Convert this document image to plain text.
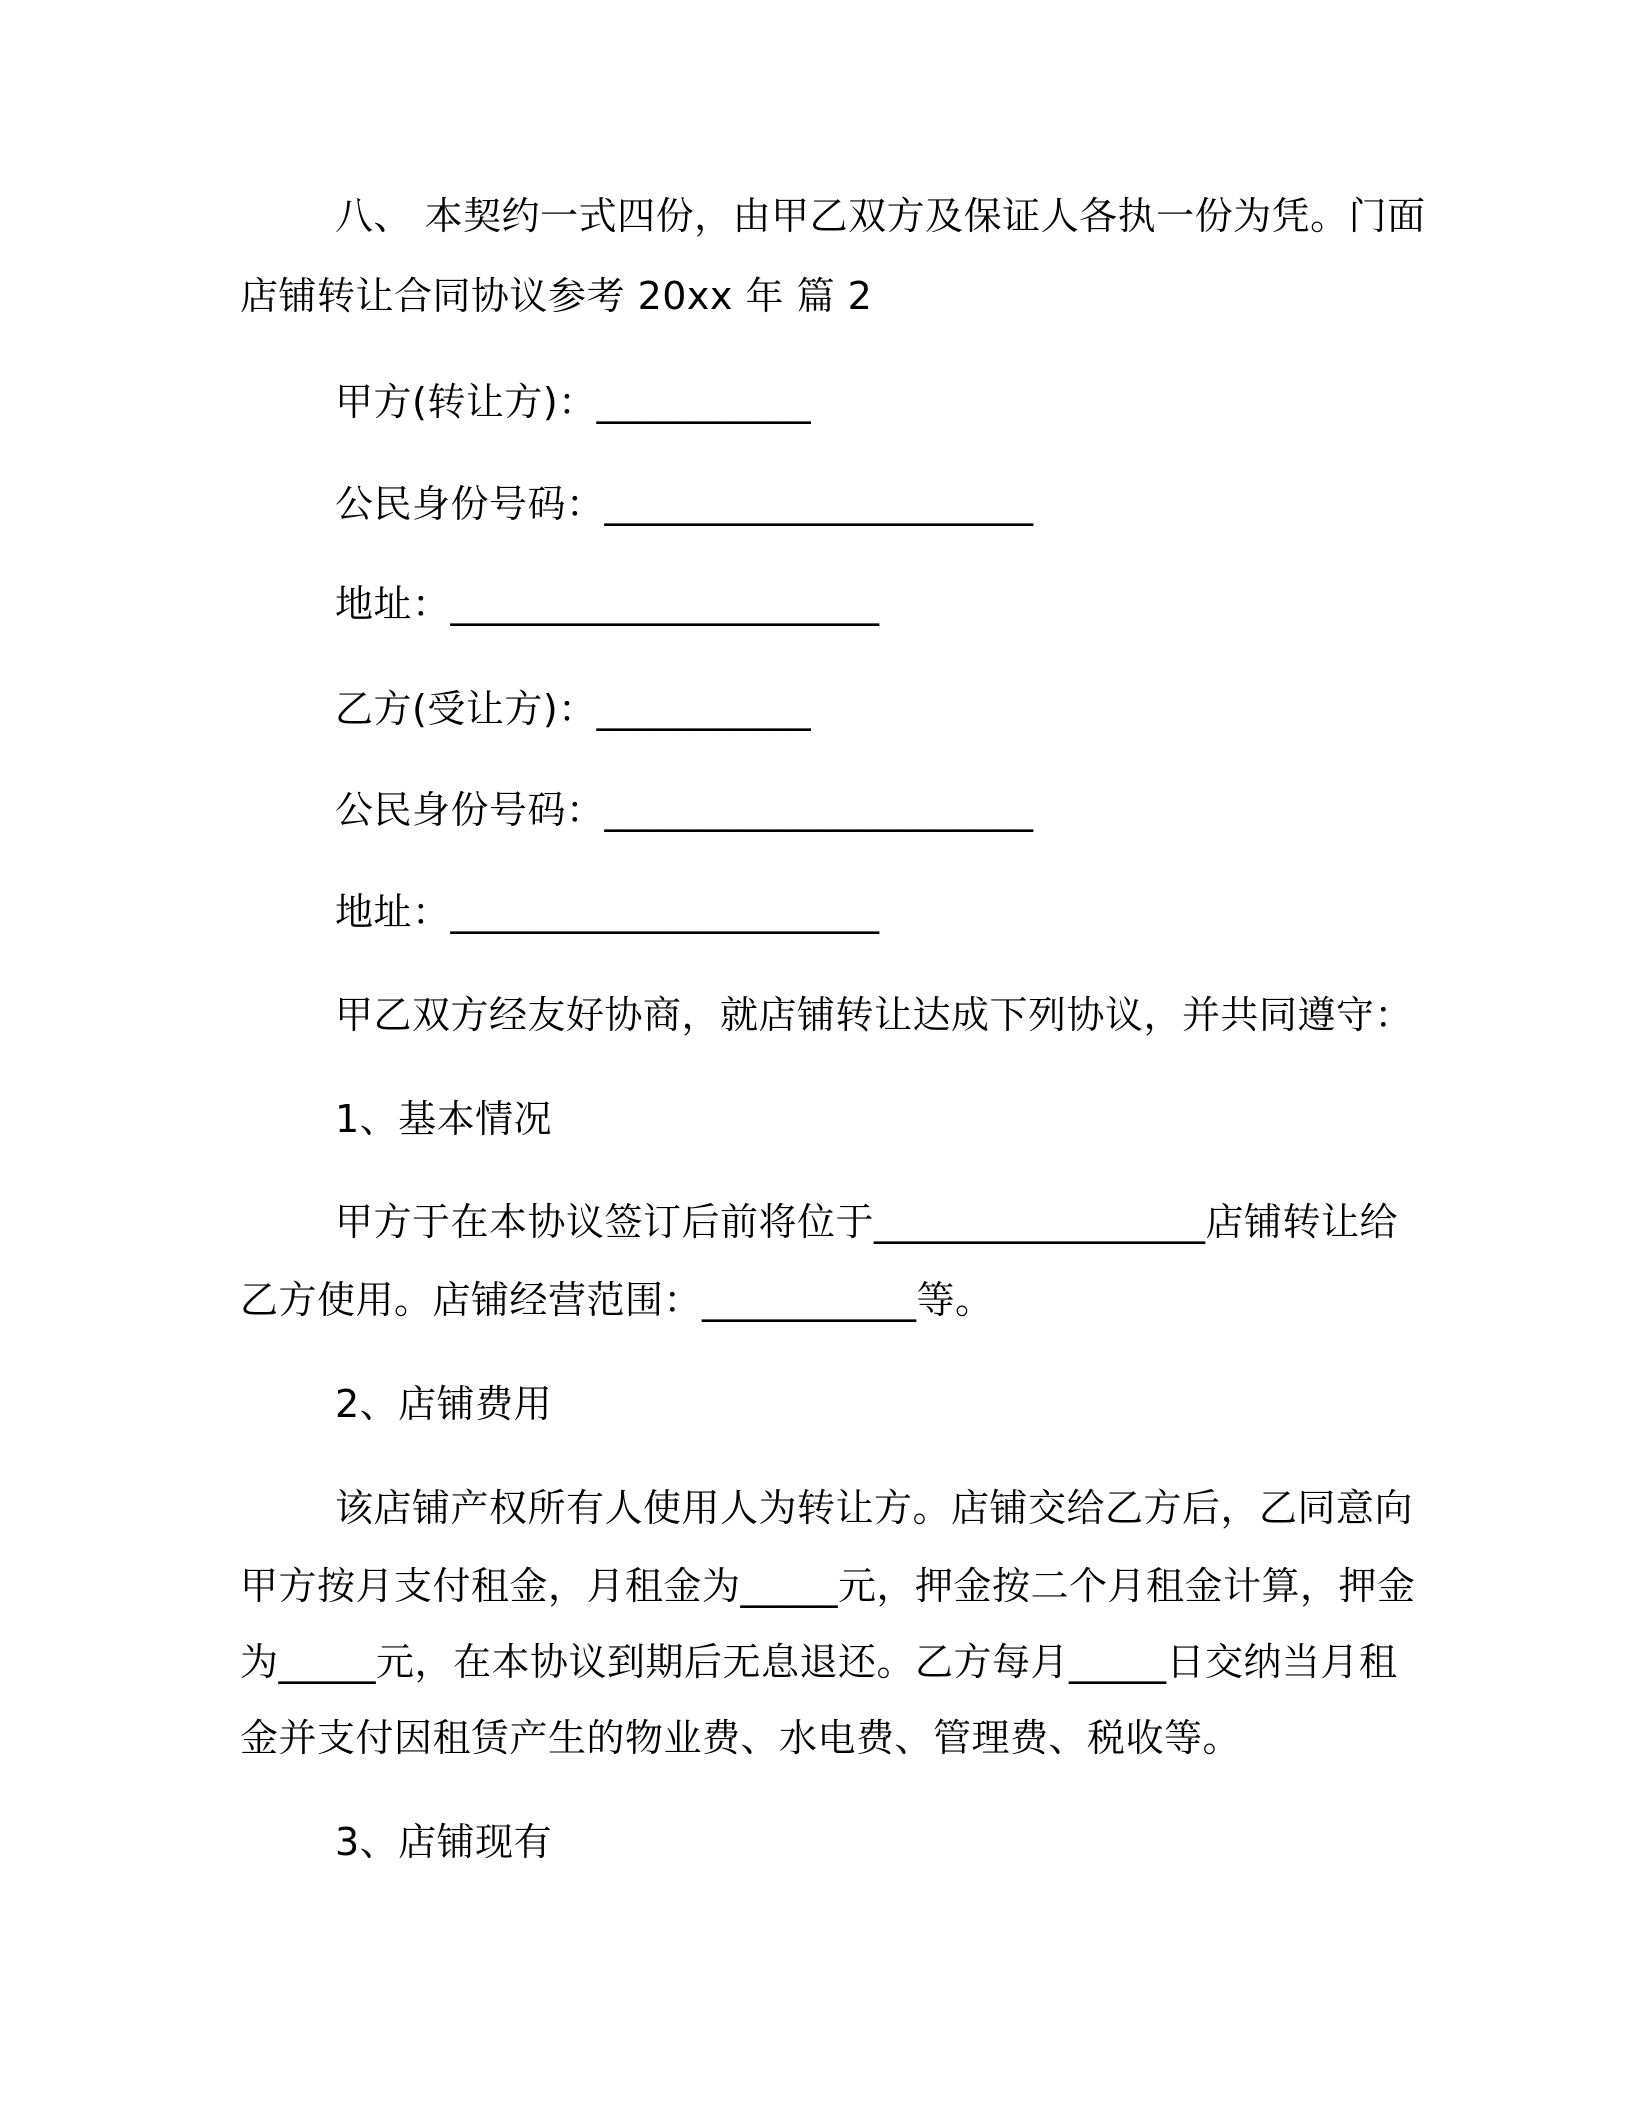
八、 本契约一式四份，由甲乙双方及保证人各执一份为凭。门面
店铺转让合同协议参考 20xx 年 篇 2
甲方(转让方)：___________
公民身份号码：______________________
地址：______________________
乙方(受让方)：___________
公民身份号码：______________________
地址：______________________
甲乙双方经友好协商，就店铺转让达成下列协议，并共同遵守：
1、基本情况
甲方于在本协议签订后前将位于_________________店铺转让给
乙方使用。店铺经营范围：___________等。
2、店铺费用
该店铺产权所有人使用人为转让方。店铺交给乙方后，乙同意向
甲方按月支付租金，月租金为_____元，押金按二个月租金计算，押金
为_____元，在本协议到期后无息退还。乙方每月_____日交纳当月租
金并支付因租赁产生的物业费、水电费、管理费、税收等。
3、店铺现有
